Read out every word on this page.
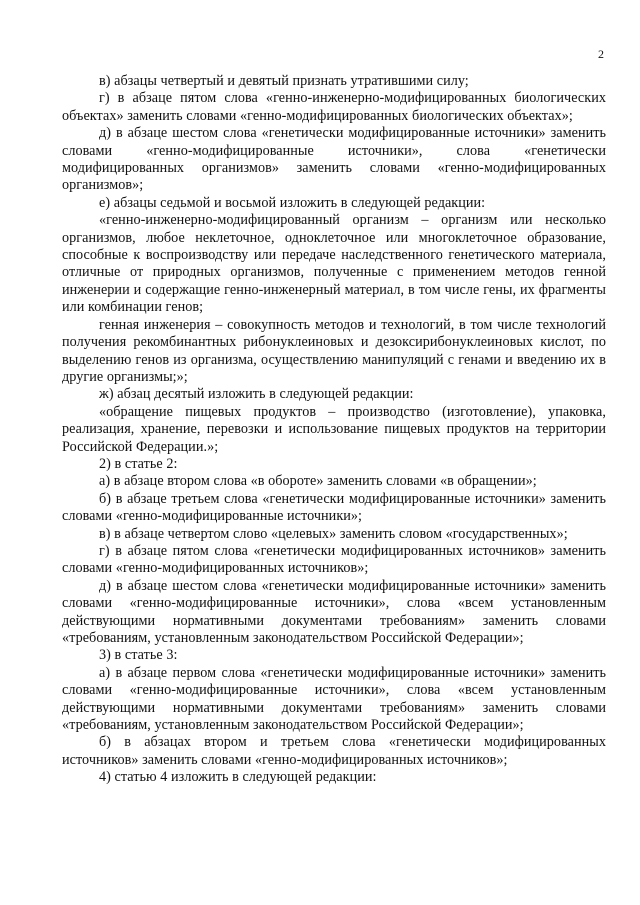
2

в) абзацы четвертый и девятый признать утратившими силу;

г) в абзаце пятом слова «генно-инженерно-модифицированных биологических объектах» заменить словами «генно-модифицированных биологических объектах»;

д) в абзаце шестом слова «генетически модифицированные источники» заменить словами «генно-модифицированные источники», слова «генетически модифицированных организмов» заменить словами «генно-модифицированных организмов»;

е) абзацы седьмой и восьмой изложить в следующей редакции:

«генно-инженерно-модифицированный организм – организм или несколько организмов, любое неклеточное, одноклеточное или многоклеточное образование, способные к воспроизводству или передаче наследственного генетического материала, отличные от природных организмов, полученные с применением методов генной инженерии и содержащие генно-инженерный материал, в том числе гены, их фрагменты или комбинации генов;

генная инженерия – совокупность методов и технологий, в том числе технологий получения рекомбинантных рибонуклеиновых и дезоксирибонуклеиновых кислот, по выделению генов из организма, осуществлению манипуляций с генами и введению их в другие организмы;»;

ж) абзац десятый изложить в следующей редакции:

«обращение пищевых продуктов – производство (изготовление), упаковка, реализация, хранение, перевозки и использование пищевых продуктов на территории Российской Федерации.»;

2) в статье 2:

а) в абзаце втором слова «в обороте» заменить словами «в обращении»;

б) в абзаце третьем слова «генетически модифицированные источники» заменить словами «генно-модифицированные источники»;

в) в абзаце четвертом слово «целевых» заменить словом «государственных»;

г) в абзаце пятом слова «генетически модифицированных источников» заменить словами «генно-модифицированных источников»;

д) в абзаце шестом слова «генетически модифицированные источники» заменить словами «генно-модифицированные источники», слова «всем установленным действующими нормативными документами требованиям» заменить словами «требованиям, установленным законодательством Российской Федерации»;

3) в статье 3:

а) в абзаце первом слова «генетически модифицированные источники» заменить словами «генно-модифицированные источники», слова «всем установленным действующими нормативными документами требованиям» заменить словами «требованиям, установленным законодательством Российской Федерации»;

б) в абзацах втором и третьем слова «генетически модифицированных источников» заменить словами «генно-модифицированных источников»;

4) статью 4 изложить в следующей редакции:
